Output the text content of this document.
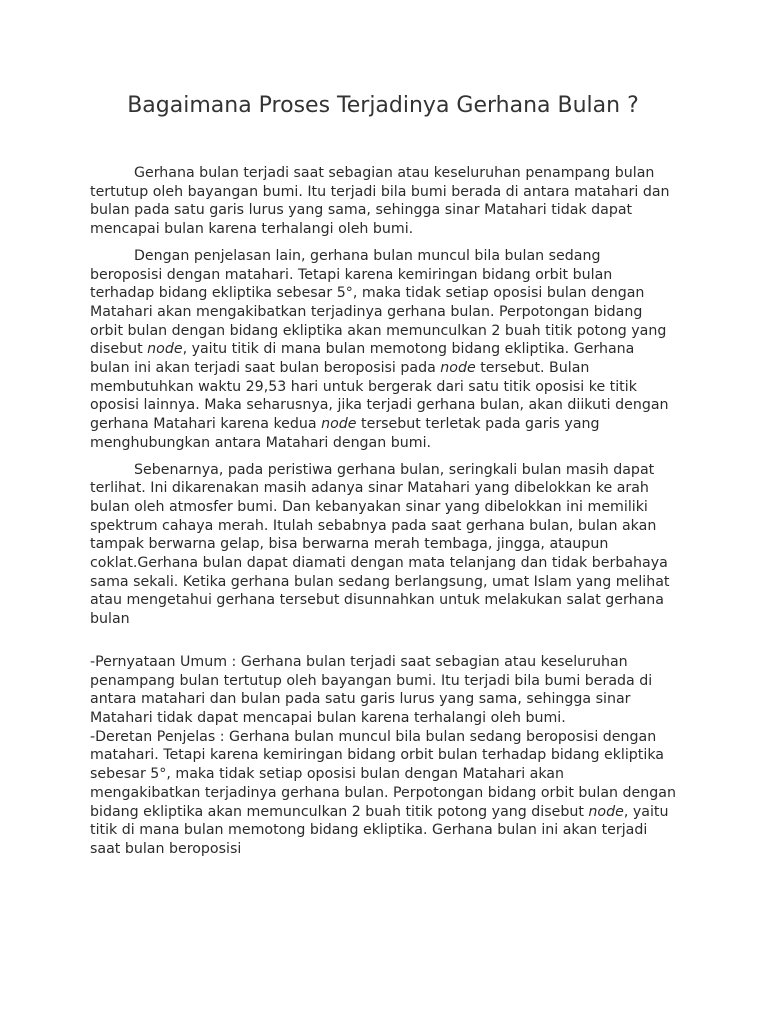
Bagaimana Proses Terjadinya Gerhana Bulan ?

Gerhana bulan terjadi saat sebagian atau keseluruhan penampang bulan tertutup oleh bayangan bumi. Itu terjadi bila bumi berada di antara matahari dan bulan pada satu garis lurus yang sama, sehingga sinar Matahari tidak dapat mencapai bulan karena terhalangi oleh bumi.

Dengan penjelasan lain, gerhana bulan muncul bila bulan sedang beroposisi dengan matahari. Tetapi karena kemiringan bidang orbit bulan terhadap bidang ekliptika sebesar 5°, maka tidak setiap oposisi bulan dengan Matahari akan mengakibatkan terjadinya gerhana bulan. Perpotongan bidang orbit bulan dengan bidang ekliptika akan memunculkan 2 buah titik potong yang disebut node, yaitu titik di mana bulan memotong bidang ekliptika. Gerhana bulan ini akan terjadi saat bulan beroposisi pada node tersebut. Bulan membutuhkan waktu 29,53 hari untuk bergerak dari satu titik oposisi ke titik oposisi lainnya. Maka seharusnya, jika terjadi gerhana bulan, akan diikuti dengan gerhana Matahari karena kedua node tersebut terletak pada garis yang menghubungkan antara Matahari dengan bumi.

Sebenarnya, pada peristiwa gerhana bulan, seringkali bulan masih dapat terlihat. Ini dikarenakan masih adanya sinar Matahari yang dibelokkan ke arah bulan oleh atmosfer bumi. Dan kebanyakan sinar yang dibelokkan ini memiliki spektrum cahaya merah. Itulah sebabnya pada saat gerhana bulan, bulan akan tampak berwarna gelap, bisa berwarna merah tembaga, jingga, ataupun coklat.Gerhana bulan dapat diamati dengan mata telanjang dan tidak berbahaya sama sekali. Ketika gerhana bulan sedang berlangsung, umat Islam yang melihat atau mengetahui gerhana tersebut disunnahkan untuk melakukan salat gerhana bulan

-Pernyataan Umum : Gerhana bulan terjadi saat sebagian atau keseluruhan penampang bulan tertutup oleh bayangan bumi. Itu terjadi bila bumi berada di antara matahari dan bulan pada satu garis lurus yang sama, sehingga sinar Matahari tidak dapat mencapai bulan karena terhalangi oleh bumi.

-Deretan Penjelas : Gerhana bulan muncul bila bulan sedang beroposisi dengan matahari. Tetapi karena kemiringan bidang orbit bulan terhadap bidang ekliptika sebesar 5°, maka tidak setiap oposisi bulan dengan Matahari akan mengakibatkan terjadinya gerhana bulan. Perpotongan bidang orbit bulan dengan bidang ekliptika akan memunculkan 2 buah titik potong yang disebut node, yaitu titik di mana bulan memotong bidang ekliptika. Gerhana bulan ini akan terjadi saat bulan beroposisi
